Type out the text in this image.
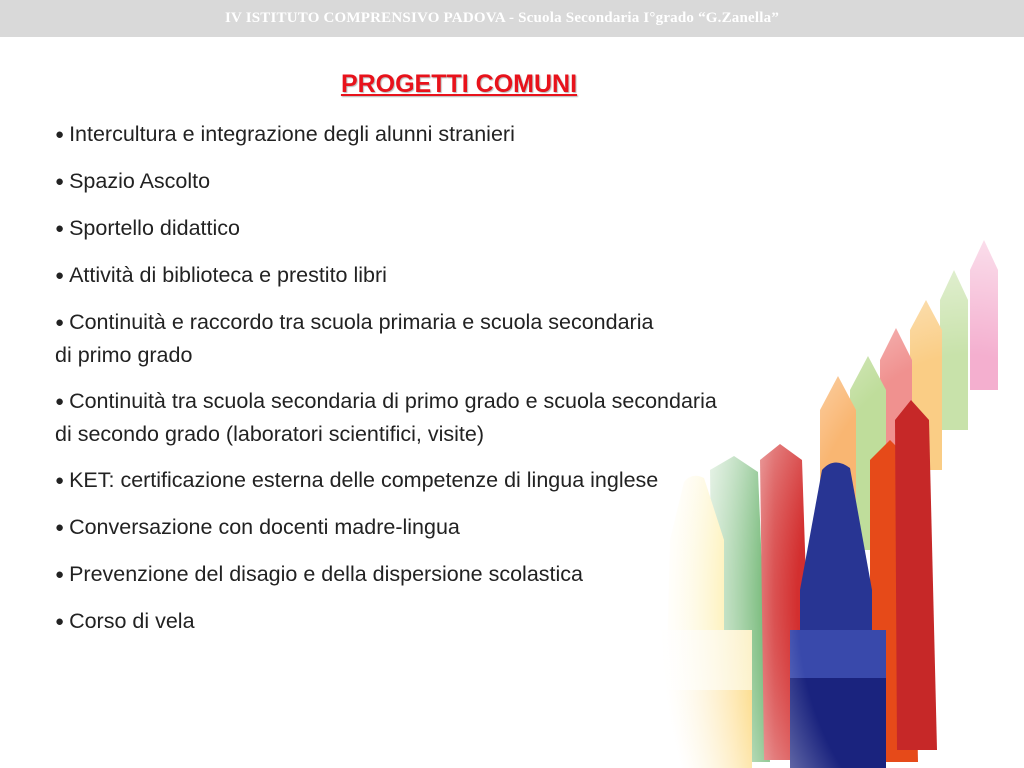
IV ISTITUTO COMPRENSIVO PADOVA - Scuola Secondaria I°grado “G.Zanella”
PROGETTI COMUNI
● Intercultura e integrazione degli alunni stranieri
● Spazio Ascolto
● Sportello didattico
● Attività di biblioteca e prestito libri
● Continuità e raccordo tra scuola primaria e scuola secondaria di primo grado
● Continuità tra scuola secondaria di primo grado e scuola secondaria di secondo grado (laboratori scientifici, visite)
● KET: certificazione esterna delle competenze di lingua inglese
● Conversazione con docenti madre-lingua
● Prevenzione del disagio e della dispersione scolastica
● Corso di vela
